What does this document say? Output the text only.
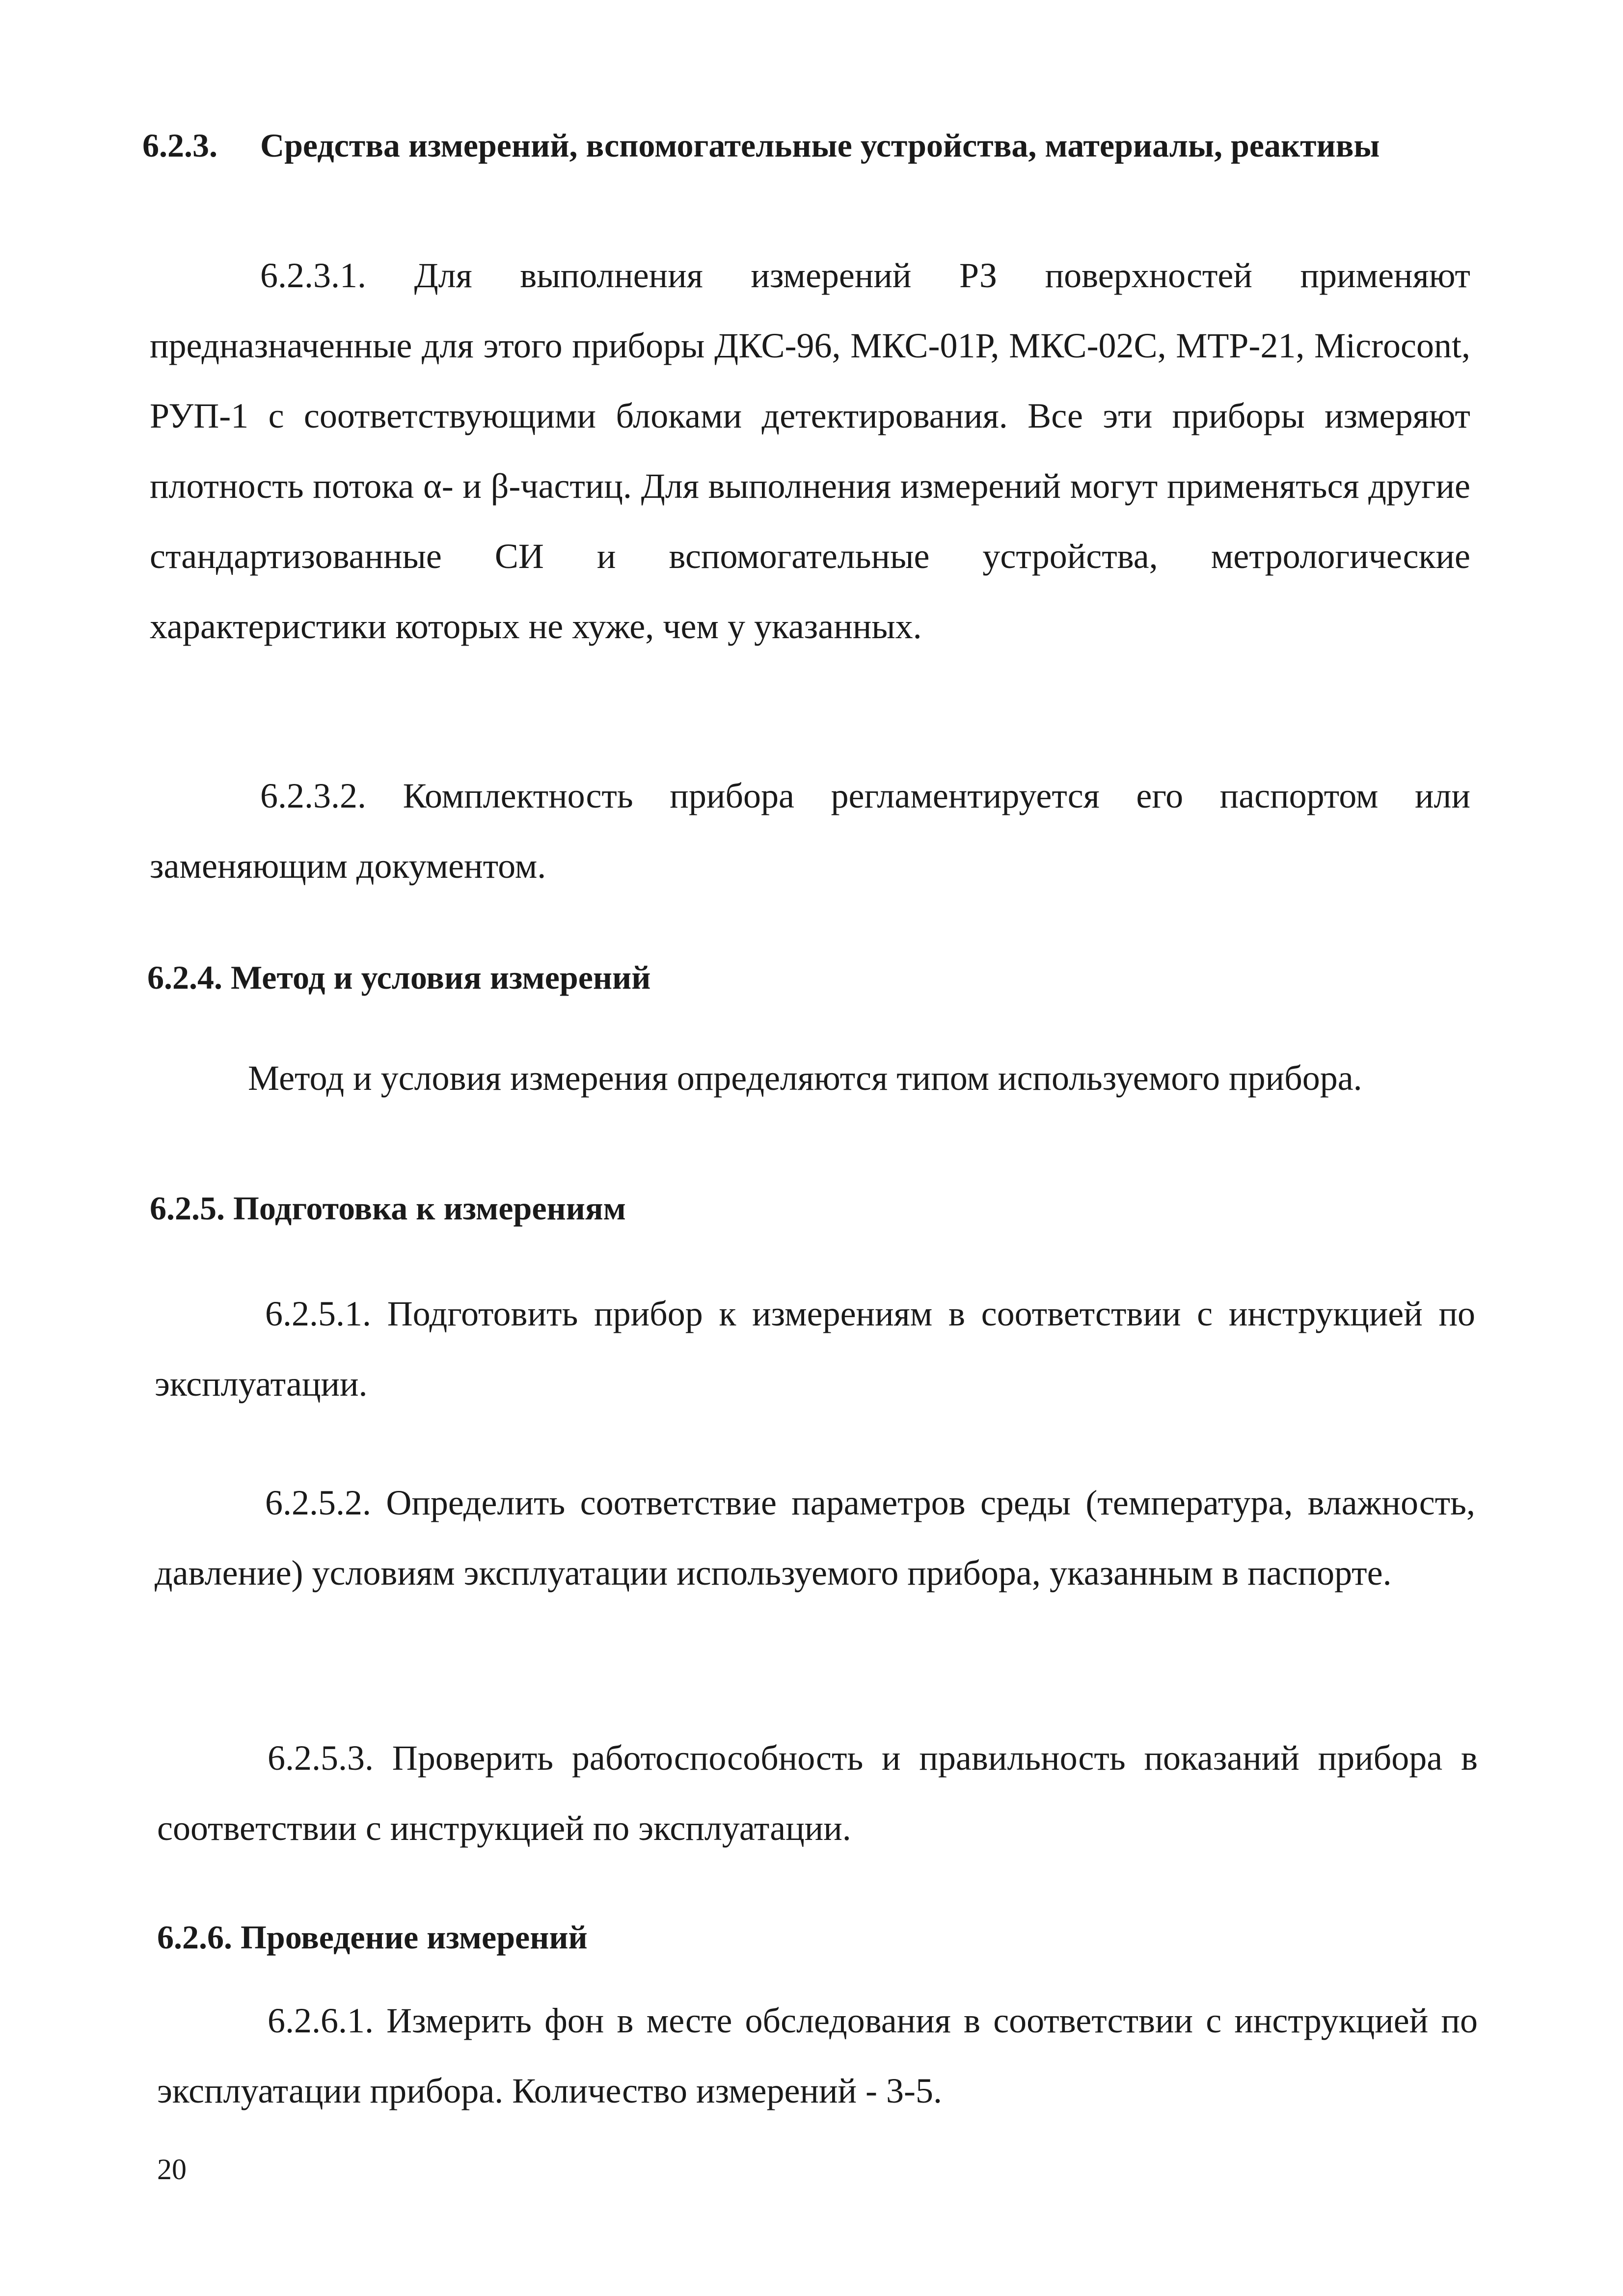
6.2.3. Средства измерений, вспомогательные устройства, материалы, реактивы

6.2.3.1. Для выполнения измерений РЗ поверхностей применяют предназначенные для этого приборы ДКС-96, МКС-01Р, МКС-02С, МТР-21, Microcont, РУП-1 с соответствующими блоками детектирования. Все эти приборы измеряют плотность потока α- и β-частиц. Для выполнения измерений могут применяться другие стандартизованные СИ и вспомогательные устройства, метрологические характеристики которых не хуже, чем у указанных.

6.2.3.2. Комплектность прибора регламентируется его паспортом или заменяющим документом.

6.2.4. Метод и условия измерений

Метод и условия измерения определяются типом используемого прибора.

6.2.5. Подготовка к измерениям

6.2.5.1. Подготовить прибор к измерениям в соответствии с инструкцией по эксплуатации.

6.2.5.2. Определить соответствие параметров среды (температура, влажность, давление) условиям эксплуатации используемого прибора, указанным в паспорте.

6.2.5.3. Проверить работоспособность и правильность показаний прибора в соответствии с инструкцией по эксплуатации.

6.2.6. Проведение измерений

6.2.6.1. Измерить фон в месте обследования в соответствии с инструкцией по эксплуатации прибора. Количество измерений - 3-5.

20
